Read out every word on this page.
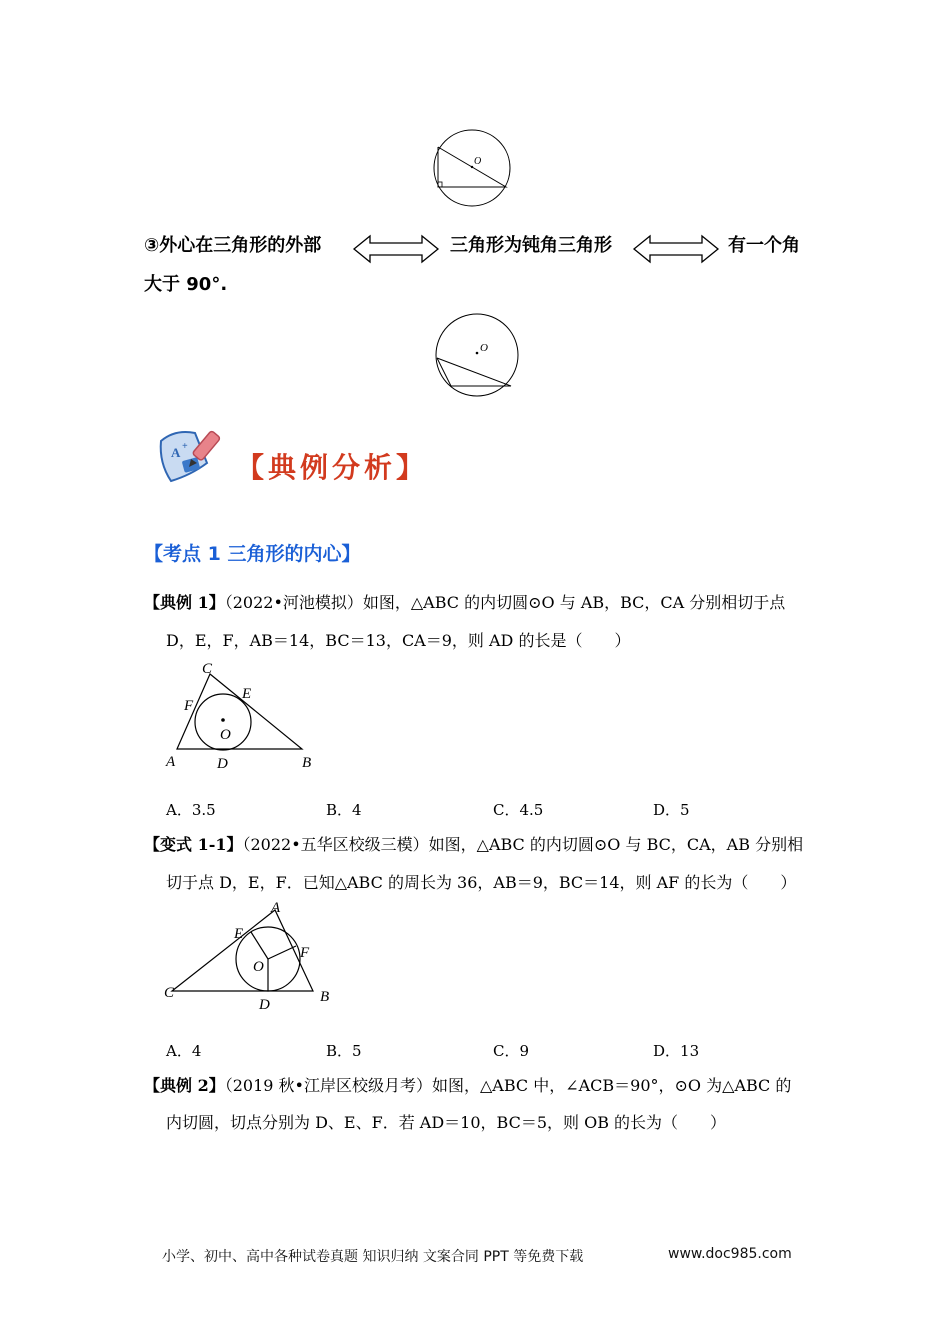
O
③外心在三角形的外部	三角形为钝角三角形	有一个角
大于 90°.
O
A +
【典例分析】
【考点 1 三角形的内心】
【典例 1】（2022•河池模拟）如图，△ABC 的内切圆⊙O 与 AB，BC，CA 分别相切于点
D，E，F，AB＝14，BC＝13，CA＝9，则 AD 的长是（　　）
C
E
F
O
A	D	B
A．3.5	B．4	C．4.5	D．5
【变式 1-1】（2022•五华区校级三模）如图，△ABC 的内切圆⊙O 与 BC，CA，AB 分别相
切于点 D，E，F．已知△ABC 的周长为 36，AB＝9，BC＝14，则 AF 的长为（　　）
A
E
F
O
C
D	B
A．4	B．5	C．9	D．13
【典例 2】（2019 秋•江岸区校级月考）如图，△ABC 中，∠ACB＝90°，⊙O 为△ABC 的
内切圆，切点分别为 D、E、F．若 AD＝10，BC＝5，则 OB 的长为（　　）
小学、初中、高中各种试卷真题 知识归纳 文案合同 PPT 等免费下载	www.doc985.com
